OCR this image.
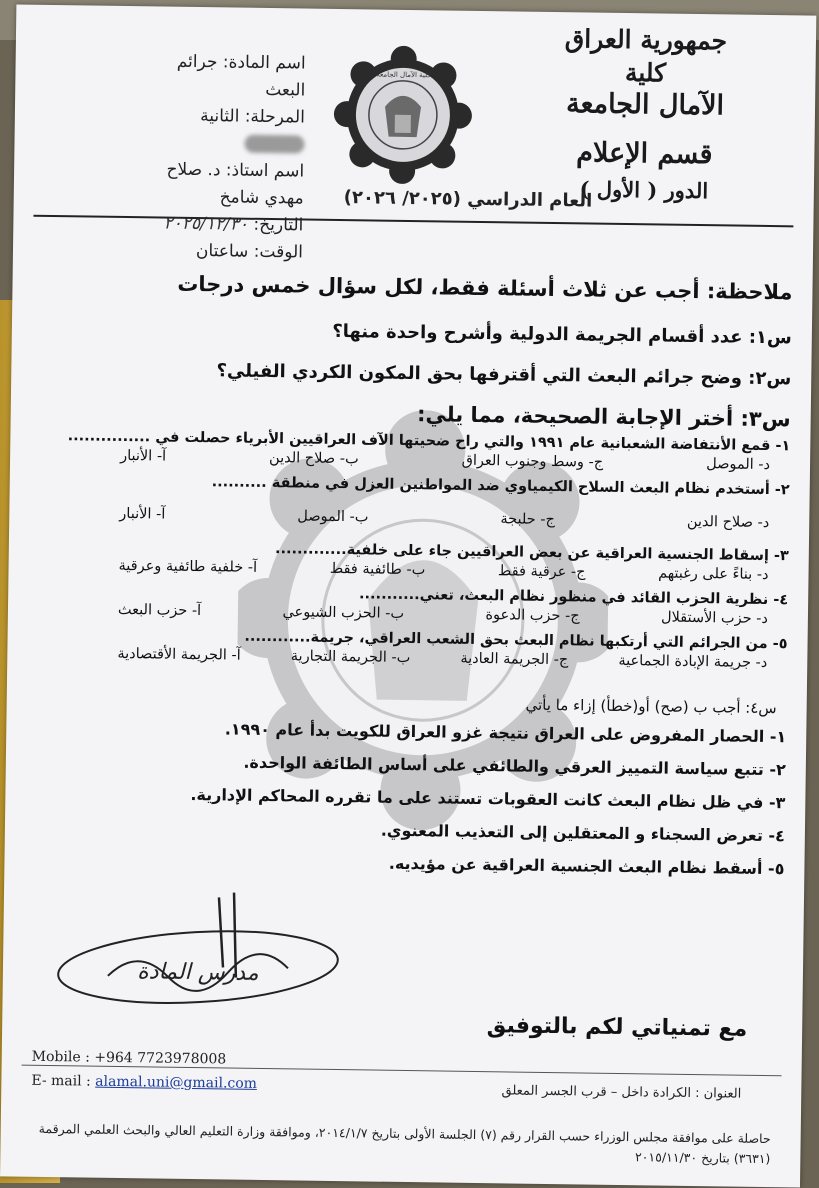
جمهورية العراق
كلية
الآمال الجامعة
قسم الإعلام
الدور ( الأول )
كلية الآمال الجامعة
اسم المادة: جرائم البعث
المرحلة: الثانية
اسم استاذ: د. صلاح مهدي شامخ
التاريخ: ٢٠٢٥/١٢/٣٠
الوقت: ساعتان
العام الدراسي (٢٠٢٥/ ٢٠٢٦)
ملاحظة: أجب عن ثلاث أسئلة فقط، لكل سؤال خمس درجات
س١: عدد أقسام الجريمة الدولية وأشرح واحدة منها؟
س٢: وضح جرائم البعث التي أقترفها بحق المكون الكردي الفيلي؟
س٣: أختر الإجابة الصحيحة، مما يلي:
١- قمع الأنتفاضة الشعبانية عام ١٩٩١ والتي راح ضحيتها الآف العراقيين الأبرياء حصلت في ...............
آ- الأنبار	ب- صلاح الدين	ج- وسط وجنوب العراق	د- الموصل
٢- أستخدم نظام البعث السلاح الكيمياوي ضد المواطنين العزل في منطقة ..........
آ- الأنبار	ب- الموصل	ج- حلبجة	د- صلاح الدين
٣- إسقاط الجنسية العراقية عن بعض العراقيين جاء على خلفية.............
آ- خلفية طائفية وعرقية	ب- طائفية فقط	ج- عرقية فقط	د- بناءً على رغبتهم
٤- نظرية الحزب القائد في منظور نظام البعث، تعني...........
آ- حزب البعث	ب- الحزب الشيوعي	ج- حزب الدعوة	د- حزب الأستقلال
٥- من الجرائم التي أرتكبها نظام البعث بحق الشعب العراقي، جريمة............
آ- الجريمة الأقتصادية	ب- الجريمة التجارية	ج- الجريمة العادية	د- جريمة الإبادة الجماعية
س٤: أجب ب (صح) أو(خطأ) إزاء ما يأتي
١- الحصار المفروض على العراق نتيجة غزو العراق للكويت بدأ عام ١٩٩٠.
٢- تتبع سياسة التمييز العرقي والطائفي على أساس الطائفة الواحدة.
٣- في ظل نظام البعث كانت العقوبات تستند على ما تقرره المحاكم الإدارية.
٤- تعرض السجناء و المعتقلين إلى التعذيب المعنوي.
٥- أسقط نظام البعث الجنسية العراقية عن مؤيديه.
مدرس المادة
مع تمنياتي لكم بالتوفيق
Mobile : +964 7723978008
E- mail : alamal.uni@gmail.com
العنوان : الكرادة داخل – قرب الجسر المعلق
حاصلة على موافقة مجلس الوزراء حسب القرار رقم (٧) الجلسة الأولى بتاريخ ٢٠١٤/١/٧، وموافقة وزارة التعليم العالي والبحث العلمي المرقمة (٣٦٣١) بتاريخ ٢٠١٥/١١/٣٠
